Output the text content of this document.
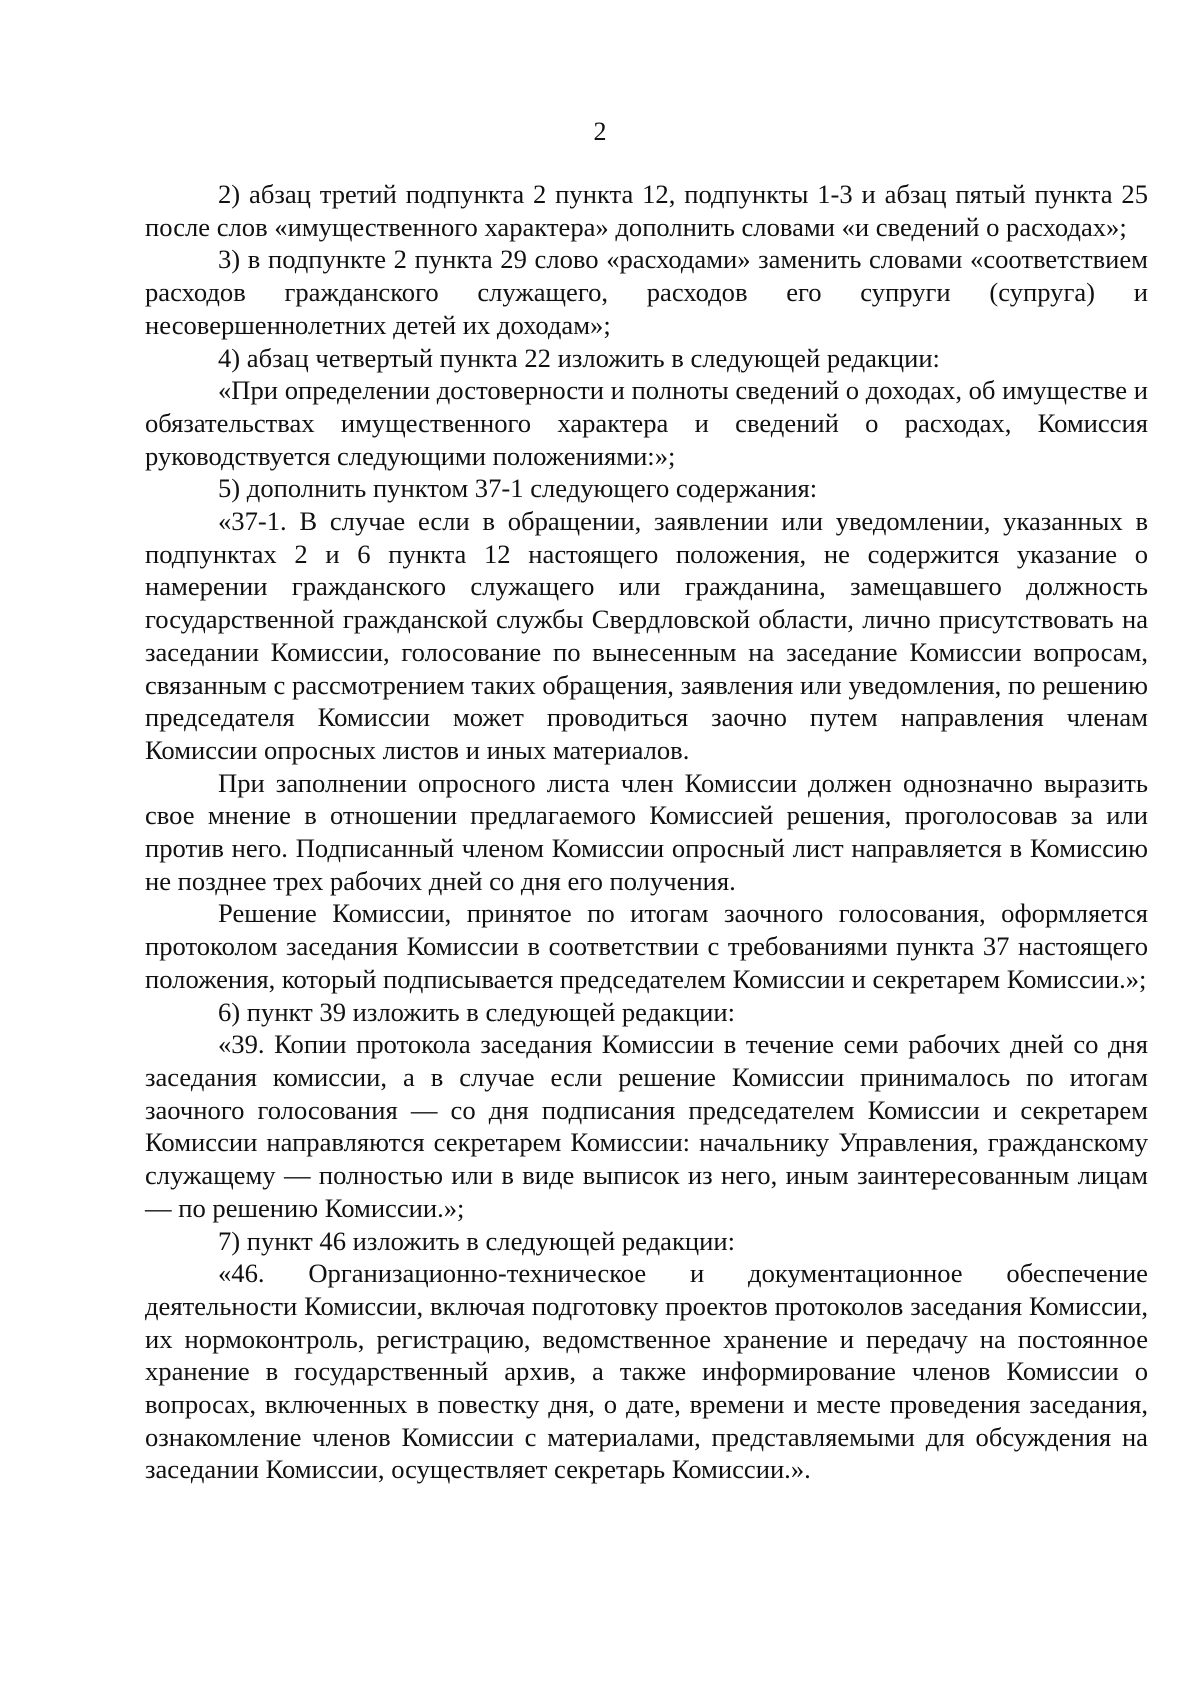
2

2) абзац третий подпункта 2 пункта 12, подпункты 1-3 и абзац пятый пункта 25 после слов «имущественного характера» дополнить словами «и сведений о расходах»;

3) в подпункте 2 пункта 29 слово «расходами» заменить словами «соответствием расходов гражданского служащего, расходов его супруги (супруга) и несовершеннолетних детей их доходам»;

4) абзац четвертый пункта 22 изложить в следующей редакции:

«При определении достоверности и полноты сведений о доходах, об имуществе и обязательствах имущественного характера и сведений о расходах, Комиссия руководствуется следующими положениями:»;

5) дополнить пунктом 37-1 следующего содержания:

«37-1. В случае если в обращении, заявлении или уведомлении, указанных в подпунктах 2 и 6 пункта 12 настоящего положения, не содержится указание о намерении гражданского служащего или гражданина, замещавшего должность государственной гражданской службы Свердловской области, лично присутствовать на заседании Комиссии, голосование по вынесенным на заседание Комиссии вопросам, связанным с рассмотрением таких обращения, заявления или уведомления, по решению председателя Комиссии может проводиться заочно путем направления членам Комиссии опросных листов и иных материалов.

При заполнении опросного листа член Комиссии должен однозначно выразить свое мнение в отношении предлагаемого Комиссией решения, проголосовав за или против него. Подписанный членом Комиссии опросный лист направляется в Комиссию не позднее трех рабочих дней со дня его получения.

Решение Комиссии, принятое по итогам заочного голосования, оформляется протоколом заседания Комиссии в соответствии с требованиями пункта 37 настоящего положения, который подписывается председателем Комиссии и секретарем Комиссии.»;

6) пункт 39 изложить в следующей редакции:

«39. Копии протокола заседания Комиссии в течение семи рабочих дней со дня заседания комиссии, а в случае если решение Комиссии принималось по итогам заочного голосования — со дня подписания председателем Комиссии и секретарем Комиссии направляются секретарем Комиссии: начальнику Управления, гражданскому служащему — полностью или в виде выписок из него, иным заинтересованным лицам — по решению Комиссии.»;

7) пункт 46 изложить в следующей редакции:

«46. Организационно-техническое и документационное обеспечение деятельности Комиссии, включая подготовку проектов протоколов заседания Комиссии, их нормоконтроль, регистрацию, ведомственное хранение и передачу на постоянное хранение в государственный архив, а также информирование членов Комиссии о вопросах, включенных в повестку дня, о дате, времени и месте проведения заседания, ознакомление членов Комиссии с материалами, представляемыми для обсуждения на заседании Комиссии, осуществляет секретарь Комиссии.».
